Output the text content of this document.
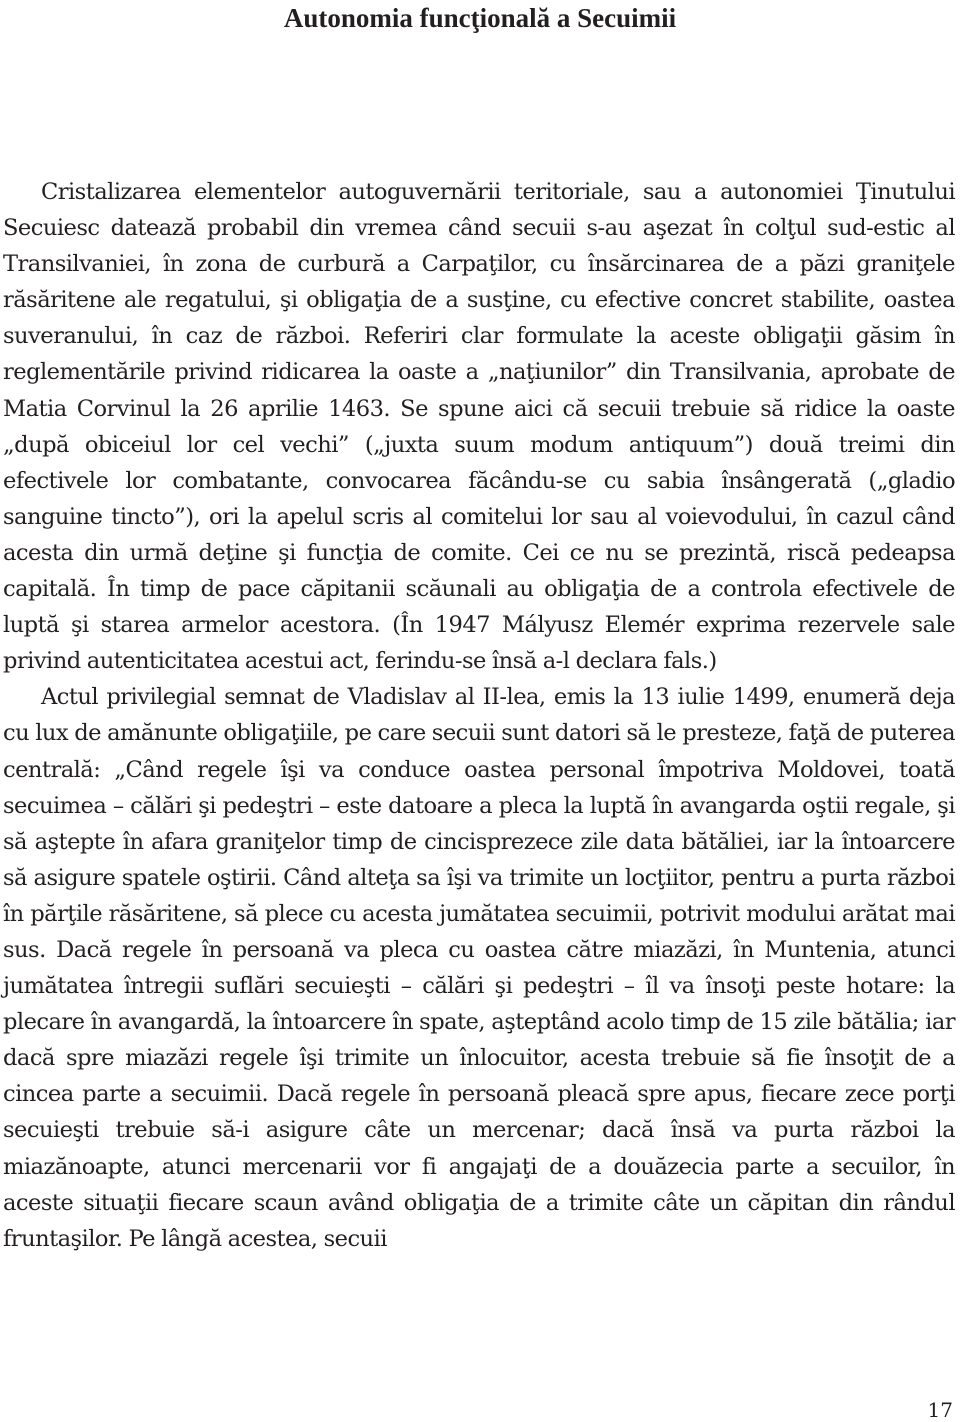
Autonomia funcţională a Secuimii

Cristalizarea elementelor autoguvernării teritoriale, sau a autonomiei Ţinutului Secuiesc datează probabil din vremea când secuii s-au aşezat în colţul sud-estic al Transilvaniei, în zona de curbură a Carpaţilor, cu însărcinarea de a păzi graniţele răsăritene ale regatului, şi obligaţia de a susţine, cu efective concret stabilite, oastea suveranului, în caz de război. Referiri clar formulate la aceste obligaţii găsim în reglementările privind ridicarea la oaste a „naţiunilor” din Transilvania, aprobate de Matia Corvinul la 26 aprilie 1463. Se spune aici că secuii trebuie să ridice la oaste „după obiceiul lor cel vechi” („juxta suum modum antiquum”) două treimi din efectivele lor combatante, convocarea făcându-se cu sabia însângerată („gladio sanguine tincto”), ori la apelul scris al comitelui lor sau al voievodului, în cazul când acesta din urmă deţine şi funcţia de comite. Cei ce nu se prezintă, riscă pedeapsa capitală. În timp de pace căpitanii scăunali au obligaţia de a controla efectivele de luptă şi starea armelor acestora. (În 1947 Mályusz Elemér exprima rezervele sale privind autenticitatea acestui act, ferindu-se însă a-l declara fals.)

Actul privilegial semnat de Vladislav al II-lea, emis la 13 iulie 1499, enumeră deja cu lux de amănunte obligaţiile, pe care secuii sunt datori să le presteze, faţă de puterea centrală: „Când regele îşi va conduce oastea personal împotriva Moldovei, toată secuimea – călări şi pedeştri – este datoare a pleca la luptă în avangarda oştii regale, şi să aştepte în afara graniţelor timp de cincisprezece zile data bătăliei, iar la întoarcere să asigure spatele oştirii. Când alteţa sa îşi va trimite un locţiitor, pentru a purta război în părţile răsăritene, să plece cu acesta jumătatea secuimii, potrivit modului arătat mai sus. Dacă regele în persoană va pleca cu oastea către miazăzi, în Muntenia, atunci jumătatea întregii suflări secuieşti – călări şi pedeştri – îl va însoţi peste hotare: la plecare în avangardă, la întoarcere în spate, aşteptând acolo timp de 15 zile bătălia; iar dacă spre miazăzi regele îşi trimite un înlocuitor, acesta trebuie să fie însoţit de a cincea parte a secuimii. Dacă regele în persoană pleacă spre apus, fiecare zece porţi secuieşti trebuie să-i asigure câte un mercenar; dacă însă va purta război la miazănoapte, atunci mercenarii vor fi angajaţi de a douăzecia parte a secuilor, în aceste situaţii fiecare scaun având obligaţia de a trimite câte un căpitan din rândul fruntaşilor. Pe lângă acestea, secuii

17
